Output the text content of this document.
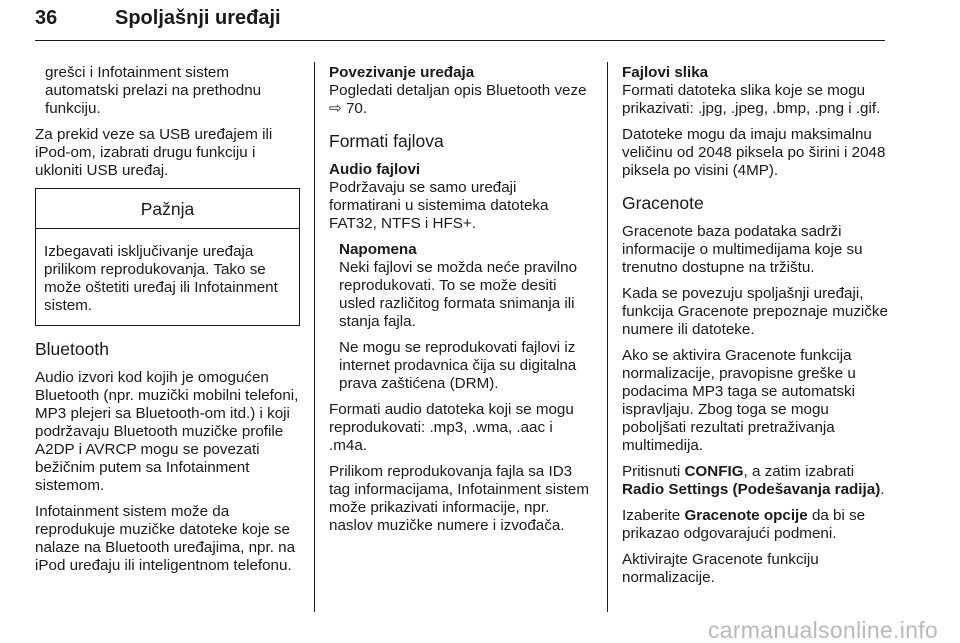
36	Spoljašnji uređaji

grešci i Infotainment sistem automatski prelazi na prethodnu funkciju.

Za prekid veze sa USB uređajem ili iPod-om, izabrati drugu funkciju i ukloniti USB uređaj.

Pažnja
Izbegavati isključivanje uređaja prilikom reprodukovanja. Tako se može oštetiti uređaj ili Infotainment sistem.
Bluetooth

Audio izvori kod kojih je omogućen Bluetooth (npr. muzički mobilni telefoni, MP3 plejeri sa Bluetooth-om itd.) i koji podržavaju Bluetooth muzičke profile A2DP i AVRCP mogu se povezati bežičnim putem sa Infotainment sistemom.

Infotainment sistem može da reprodukuje muzičke datoteke koje se nalaze na Bluetooth uređajima, npr. na iPod uređaju ili inteligentnom telefonu.

Povezivanje uređaja

Pogledati detaljan opis Bluetooth veze ⇨ 70.

Formati fajlova
Audio fajlovi

Podržavaju se samo uređaji formatirani u sistemima datoteka FAT32, NTFS i HFS+.

Napomena

Neki fajlovi se možda neće pravilno reprodukovati. To se može desiti usled različitog formata snimanja ili stanja fajla.

Ne mogu se reprodukovati fajlovi iz internet prodavnica čija su digitalna prava zaštićena (DRM).

Formati audio datoteka koji se mogu reprodukovati: .mp3, .wma, .aac i .m4a.

Prilikom reprodukovanja fajla sa ID3 tag informacijama, Infotainment sistem može prikazivati informacije, npr. naslov muzičke numere i izvođača.

Fajlovi slika

Formati datoteka slika koje se mogu prikazivati: .jpg, .jpeg, .bmp, .png i .gif.

Datoteke mogu da imaju maksimalnu veličinu od 2048 piksela po širini i 2048 piksela po visini (4MP).

Gracenote

Gracenote baza podataka sadrži informacije o multimedijama koje su trenutno dostupne na tržištu.

Kada se povezuju spoljašnji uređaji, funkcija Gracenote prepoznaje muzičke numere ili datoteke.

Ako se aktivira Gracenote funkcija normalizacije, pravopisne greške u podacima MP3 taga se automatski ispravljaju. Zbog toga se mogu poboljšati rezultati pretraživanja multimedija.

Pritisnuti CONFIG, a zatim izabrati Radio Settings (Podešavanja radija).

Izaberite Gracenote opcije da bi se prikazao odgovarajući podmeni.

Aktivirajte Gracenote funkciju normalizacije.

carmanualsonline.info
